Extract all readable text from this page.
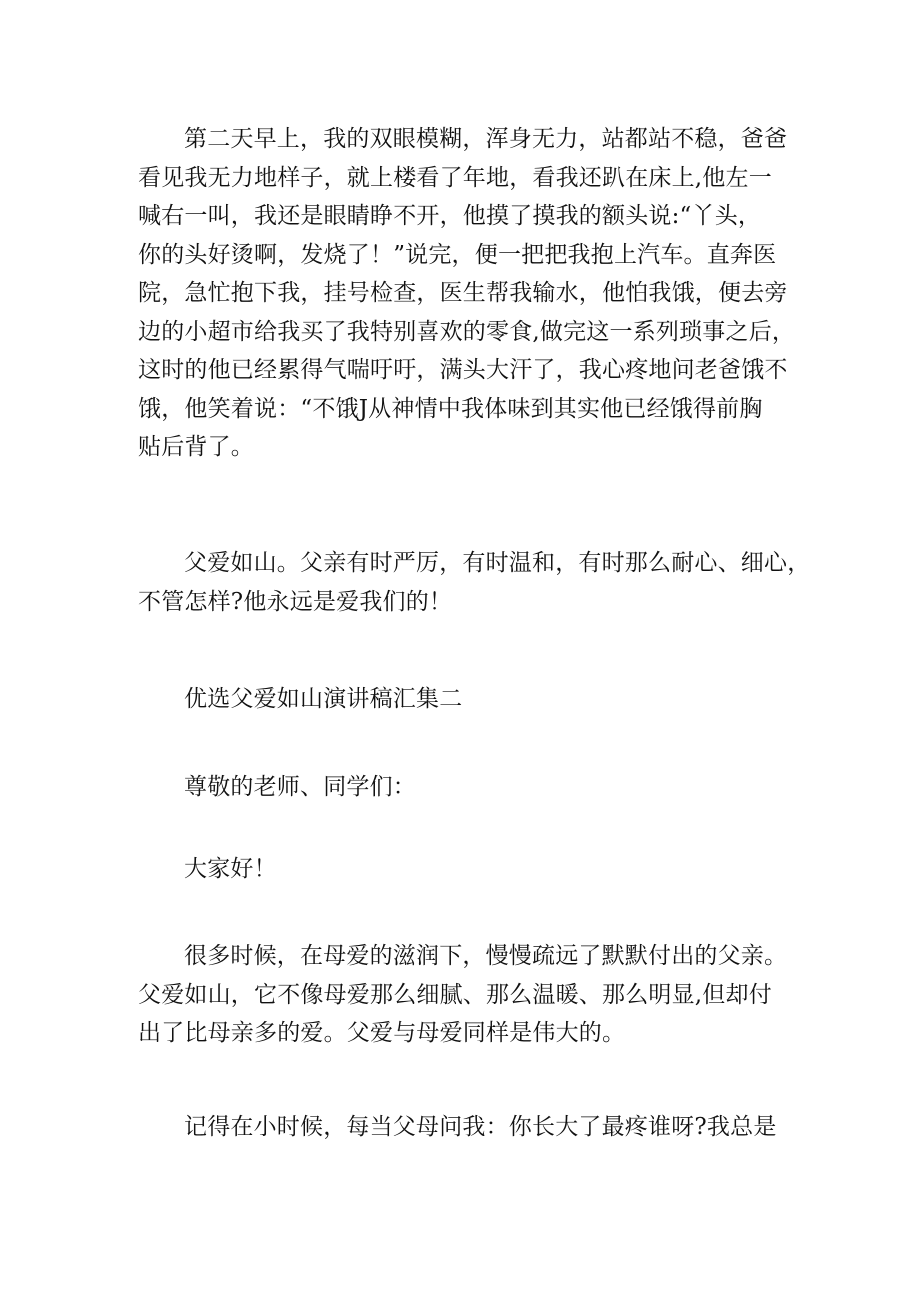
第二天早上，我的双眼模糊，浑身无力，站都站不稳，爸爸
看见我无力地样子，就上楼看了年地，看我还趴在床上,他左一
喊右一叫，我还是眼睛睁不开，他摸了摸我的额头说:“丫头，
你的头好烫啊，发烧了！”说完，便一把把我抱上汽车。直奔医
院，急忙抱下我，挂号检查，医生帮我输水，他怕我饿，便去旁
边的小超市给我买了我特别喜欢的零食,做完这一系列琐事之后，
这时的他已经累得气喘吁吁，满头大汗了，我心疼地问老爸饿不
饿，他笑着说：“不饿J从神情中我体味到其实他已经饿得前胸
贴后背了。
父爱如山。父亲有时严厉，有时温和，有时那么耐心、细心，
不管怎样?他永远是爱我们的！
优选父爱如山演讲稿汇集二
尊敬的老师、同学们：
大家好！
很多时候，在母爱的滋润下，慢慢疏远了默默付出的父亲。
父爱如山，它不像母爱那么细腻、那么温暖、那么明显,但却付
出了比母亲多的爱。父爱与母爱同样是伟大的。
记得在小时候，每当父母问我：你长大了最疼谁呀?我总是
